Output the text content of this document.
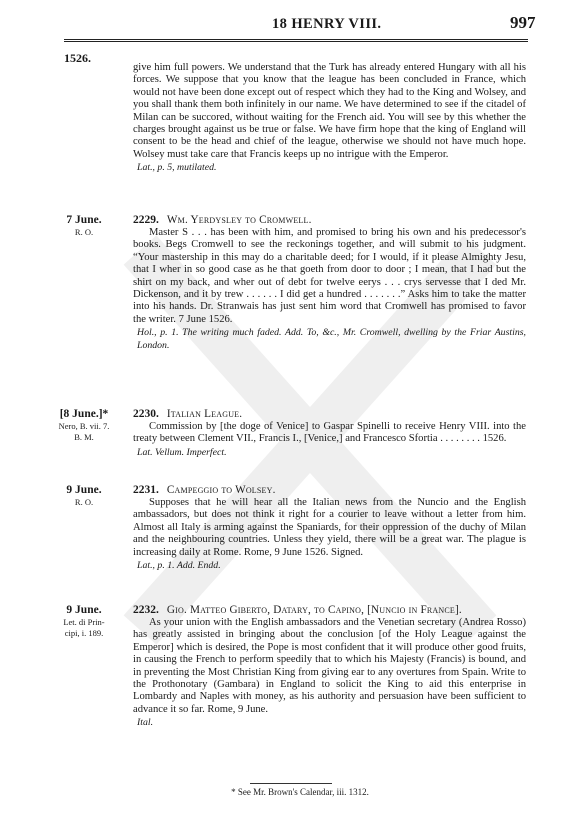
18 HENRY VIII.	997
1526.

give him full powers. We understand that the Turk has already entered Hungary with all his forces. We suppose that you know that the league has been concluded in France, which would not have been done except out of respect which they had to the King and Wolsey, and you shall thank them both infinitely in our name. We have determined to see if the citadel of Milan can be succored, without waiting for the French aid. You will see by this whether the charges brought against us be true or false. We have firm hope that the king of England will consent to be the head and chief of the league, otherwise we should not have much hope. Wolsey must take care that Francis keeps up no intrigue with the Emperor.

Lat., p. 5, mutilated.

7 June.
R. O.

2229. Wm. Yerdysley to Cromwell.

Master S . . . has been with him, and promised to bring his own and his predecessor's books. Begs Cromwell to see the reckonings together, and will submit to his judgment. “Your mastership in this may do a charitable deed; for I would, if it please Almighty Jesu, that I wher in so good case as he that goeth from door to door ; I mean, that I had but the shirt on my back, and wher out of debt for twelve eerys . . . crys servesse that I ded Mr. Dickenson, and it by trew . . . . . . I did get a hundred . . . . . . .” Asks him to take the matter into his hands. Dr. Stranwais has just sent him word that Cromwell has promised to favor the writer. 7 June 1526.

Hol., p. 1. The writing much faded. Add. To, &c., Mr. Cromwell, dwelling by the Friar Austins, London.

[8 June.]*
Nero, B. vii. 7.
B. M.

2230. Italian League.

Commission by [the doge of Venice] to Gaspar Spinelli to receive Henry VIII. into the treaty between Clement VII., Francis I., [Venice,] and Francesco Sfortia . . . . . . . . 1526.

Lat. Vellum. Imperfect.

9 June.
R. O.

2231. Campeggio to Wolsey.

Supposes that he will hear all the Italian news from the Nuncio and the English ambassadors, but does not think it right for a courier to leave without a letter from him. Almost all Italy is arming against the Spaniards, for their oppression of the duchy of Milan and the neighbouring countries. Unless they yield, there will be a great war. The plague is increasing daily at Rome. Rome, 9 June 1526. Signed.

Lat., p. 1. Add. Endd.

9 June.
Let. di Prin-
cipi, i. 189.

2232. Gio. Matteo Giberto, Datary, to Capino, [Nuncio in France].

As your union with the English ambassadors and the Venetian secretary (Andrea Rosso) has greatly assisted in bringing about the conclusion [of the Holy League against the Emperor] which is desired, the Pope is most confident that it will produce other good fruits, in causing the French to perform speedily that to which his Majesty (Francis) is bound, and in preventing the Most Christian King from giving ear to any overtures from Spain. Write to the Prothonotary (Gambara) in England to solicit the King to aid this enterprise in Lombardy and Naples with money, as his authority and persuasion have been sufficient to advance it so far. Rome, 9 June.

Ital.

* See Mr. Brown's Calendar, iii. 1312.
